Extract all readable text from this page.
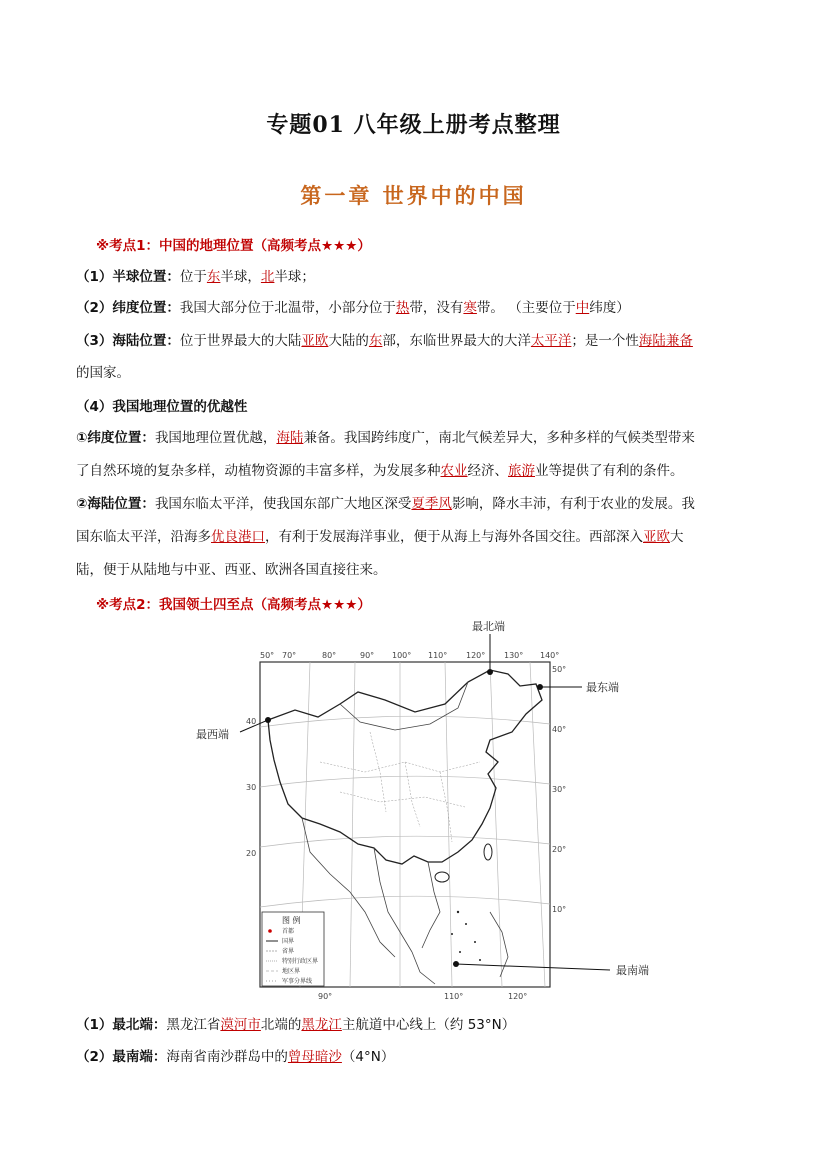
专题01 八年级上册考点整理
第一章 世界中的中国
※考点1：中国的地理位置（高频考点★★★）
（1）半球位置：位于东半球，北半球；
（2）纬度位置：我国大部分位于北温带，小部分位于热带，没有寒带。 （主要位于中纬度）
（3）海陆位置：位于世界最大的大陆亚欧大陆的东部，东临世界最大的大洋太平洋；是一个性海陆兼备
的国家。
（4）我国地理位置的优越性
①纬度位置：我国地理位置优越，海陆兼备。我国跨纬度广，南北气候差异大，多种多样的气候类型带来
了自然环境的复杂多样，动植物资源的丰富多样，为发展多种农业经济、旅游业等提供了有利的条件。
②海陆位置：我国东临太平洋，使我国东部广大地区深受夏季风影响，降水丰沛，有利于农业的发展。我
国东临太平洋，沿海多优良港口，有利于发展海洋事业，便于从海上与海外各国交往。西部深入亚欧大
陆，便于从陆地与中亚、西亚、欧洲各国直接往来。
※考点2：我国领土四至点（高频考点★★★）
最北端
最东端
最西端
最南端
50° 70°	80°	90° 100° 110° 120° 130° 140°
90°	110°	120°
40
30
20
50°
40°
30°
20°
10°
图 例
首都
国界
省界
特别行政区界
地区界
军事分界线
（1）最北端：黑龙江省漠河市北端的黑龙江主航道中心线上（约 53°N）
（2）最南端：海南省南沙群岛中的曾母暗沙（4°N）
